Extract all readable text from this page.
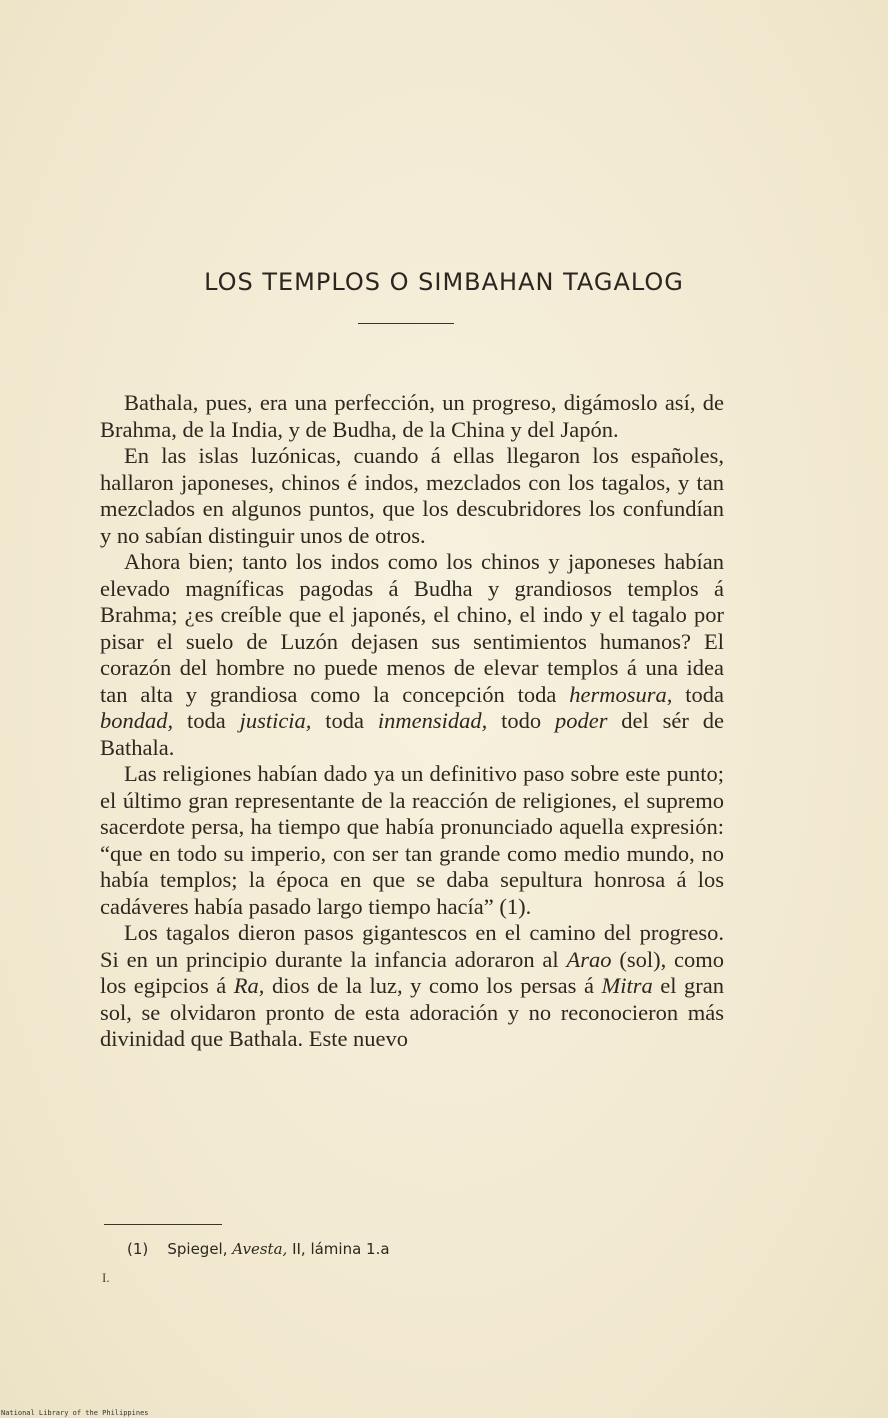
LOS TEMPLOS O SIMBAHAN TAGALOG

Bathala, pues, era una perfección, un progreso, digámoslo así, de Brahma, de la India, y de Budha, de la China y del Japón.

En las islas luzónicas, cuando á ellas llegaron los españoles, hallaron japoneses, chinos é indos, mezclados con los tagalos, y tan mezclados en algunos puntos, que los descubridores los confundían y no sabían distinguir unos de otros.

Ahora bien; tanto los indos como los chinos y japoneses habían elevado magníficas pagodas á Budha y grandiosos templos á Brahma; ¿es creíble que el japonés, el chino, el indo y el tagalo por pisar el suelo de Luzón dejasen sus sentimientos humanos? El corazón del hombre no puede menos de elevar templos á una idea tan alta y grandiosa como la concepción toda hermosura, toda bondad, toda justicia, toda inmensidad, todo poder del sér de Bathala.

Las religiones habían dado ya un definitivo paso sobre este punto; el último gran representante de la reacción de religiones, el supremo sacerdote persa, ha tiempo que había pronunciado aquella expresión: “que en todo su imperio, con ser tan grande como medio mundo, no había templos; la época en que se daba sepultura honrosa á los cadáveres había pasado largo tiempo hacía” (1).

Los tagalos dieron pasos gigantescos en el camino del progreso. Si en un principio durante la infancia adoraron al Arao (sol), como los egipcios á Ra, dios de la luz, y como los persas á Mitra el gran sol, se olvidaron pronto de esta adoración y no reconocieron más divinidad que Bathala. Este nuevo

(1) Spiegel, Avesta, II, lámina 1.a
I.
National Library of the Philippines
